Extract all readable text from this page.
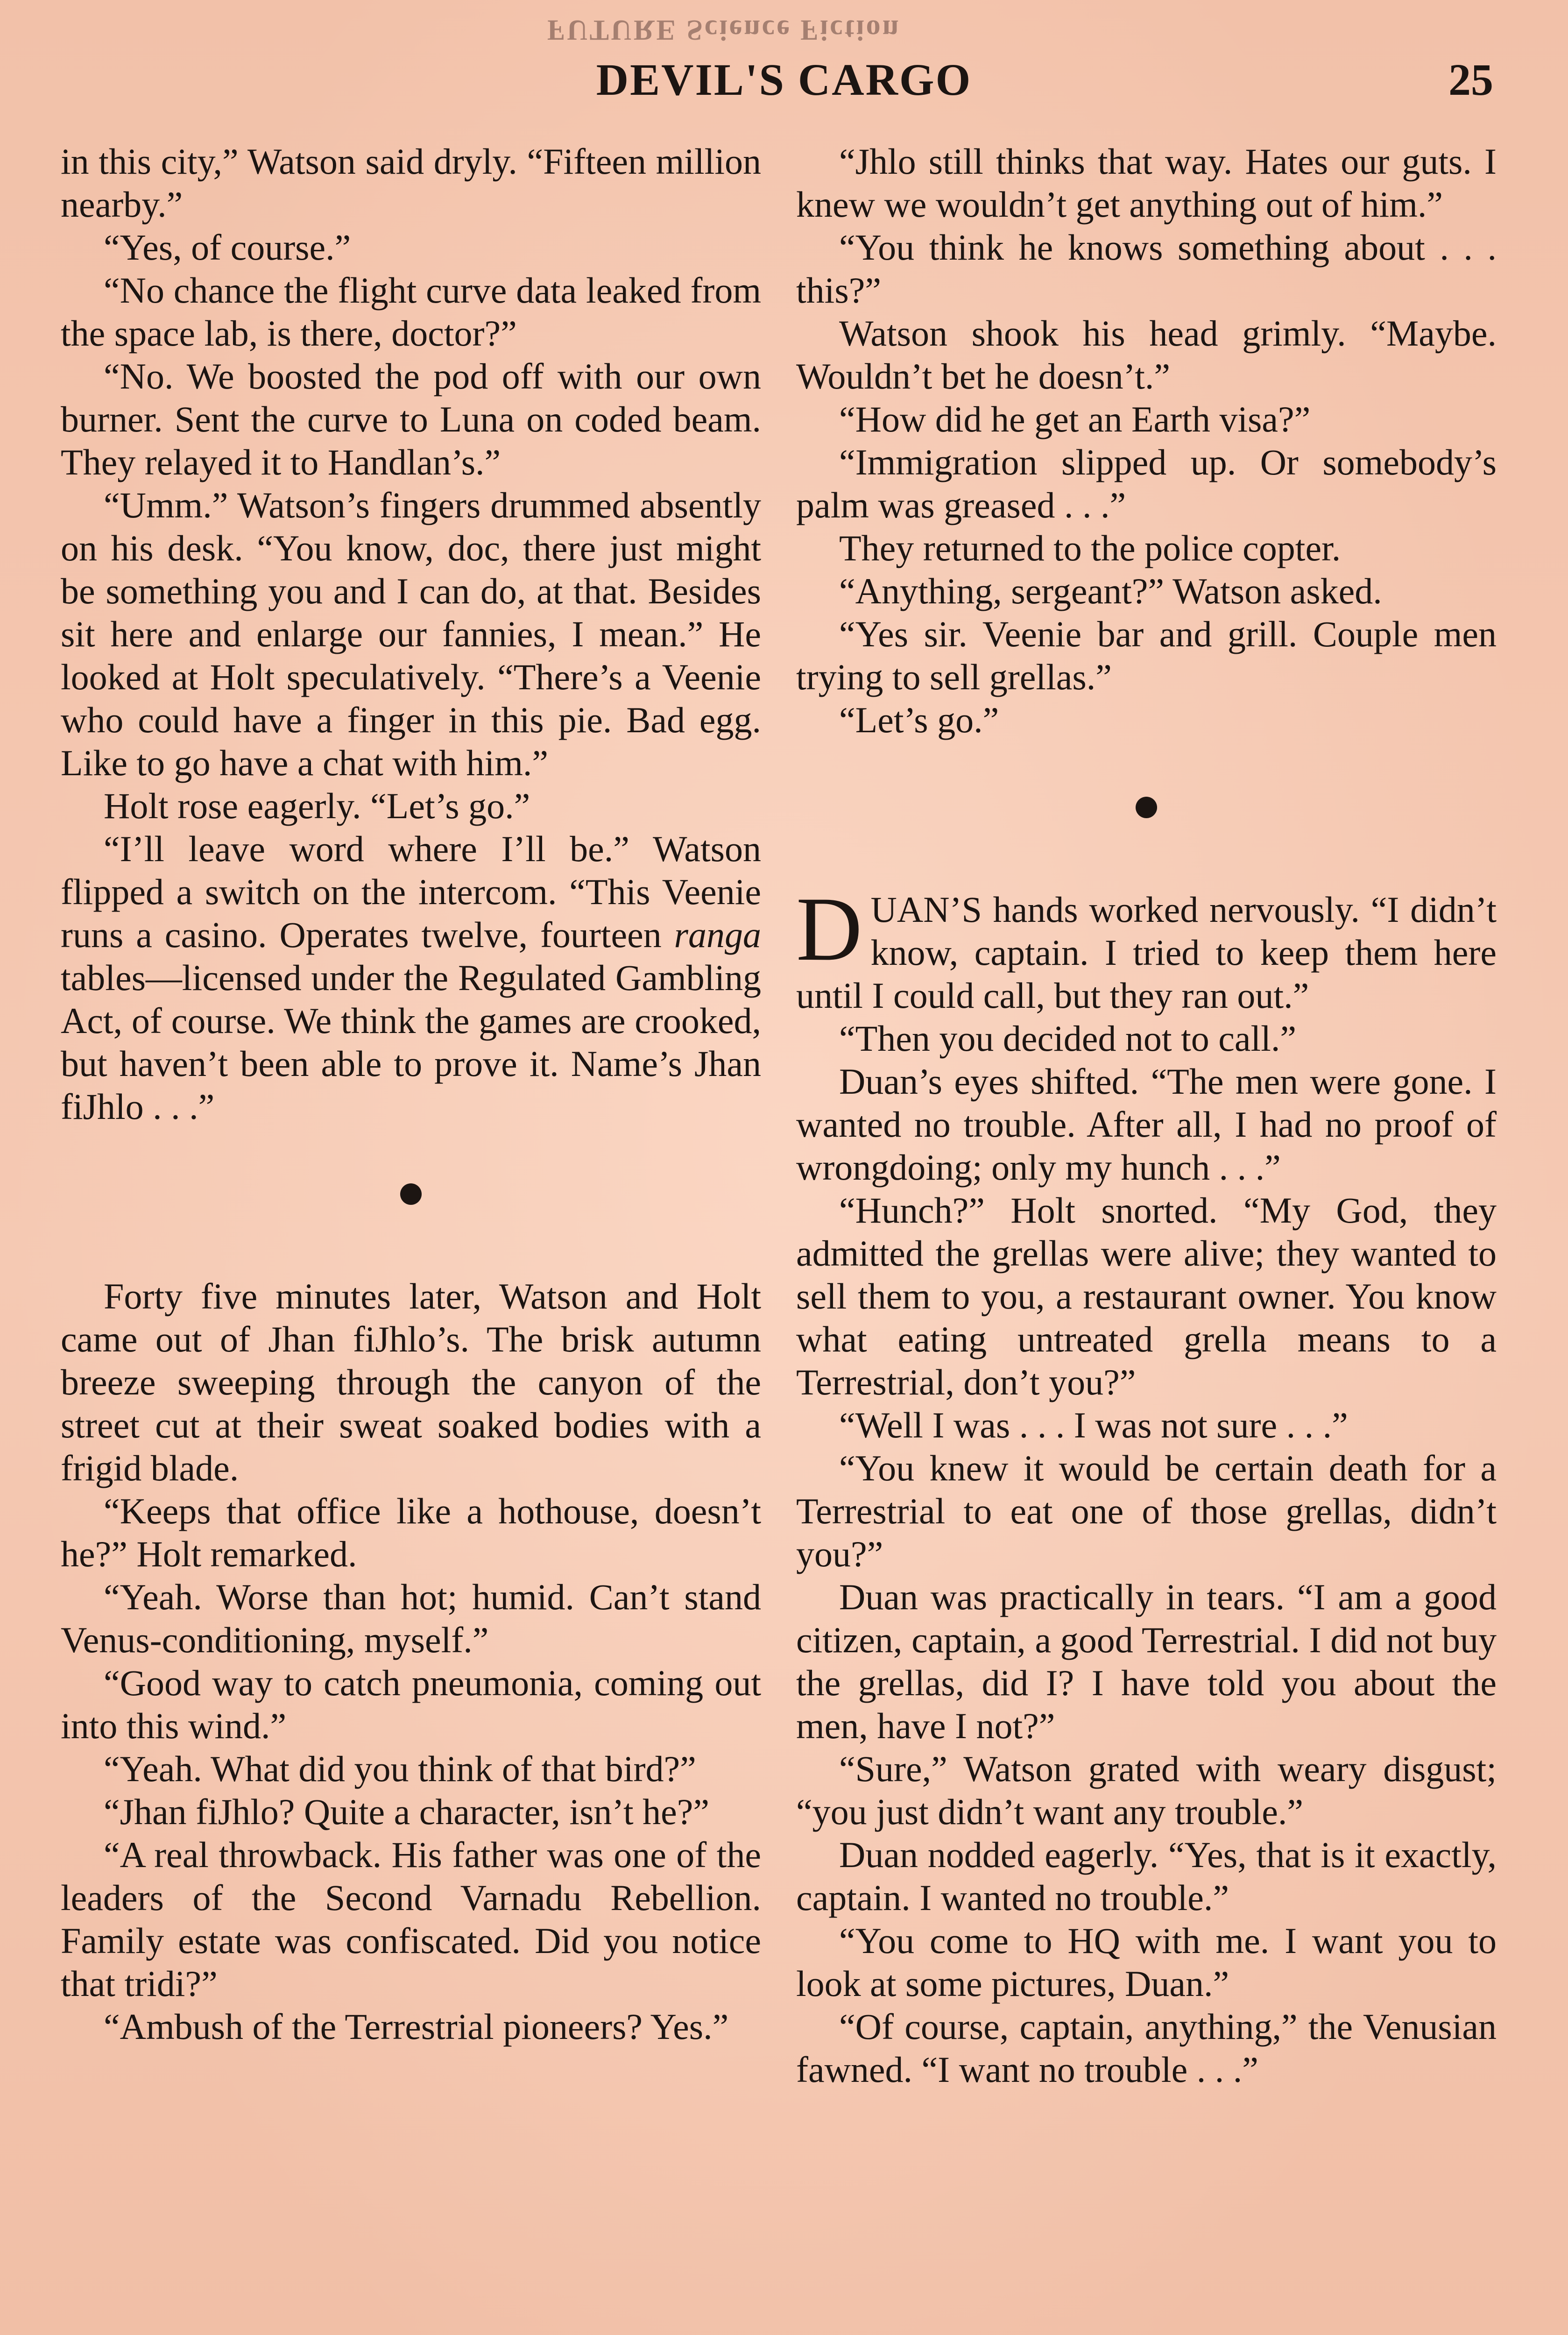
FUTURE Science Fiction
DEVIL'S CARGO	25

in this city,” Watson said dryly. “Fifteen million nearby.”

“Yes, of course.”

“No chance the flight curve data leaked from the space lab, is there, doctor?”

“No. We boosted the pod off with our own burner. Sent the curve to Luna on coded beam. They relayed it to Handlan’s.”

“Umm.” Watson’s fingers drummed absently on his desk. “You know, doc, there just might be something you and I can do, at that. Besides sit here and enlarge our fannies, I mean.” He looked at Holt speculatively. “There’s a Veenie who could have a finger in this pie. Bad egg. Like to go have a chat with him.”

Holt rose eagerly. “Let’s go.”

“I’ll leave word where I’ll be.” Watson flipped a switch on the intercom. “This Veenie runs a casino. Operates twelve, fourteen ranga tables—licensed under the Regulated Gambling Act, of course. We think the games are crooked, but haven’t been able to prove it. Name’s Jhan fiJhlo . . .”

Forty five minutes later, Watson and Holt came out of Jhan fiJhlo’s. The brisk autumn breeze sweeping through the canyon of the street cut at their sweat soaked bodies with a frigid blade.

“Keeps that office like a hothouse, doesn’t he?” Holt remarked.

“Yeah. Worse than hot; humid. Can’t stand Venus-conditioning, myself.”

“Good way to catch pneumonia, coming out into this wind.”

“Yeah. What did you think of that bird?”

“Jhan fiJhlo? Quite a character, isn’t he?”

“A real throwback. His father was one of the leaders of the Second Varnadu Rebellion. Family estate was confiscated. Did you notice that tridi?”

“Ambush of the Terrestrial pioneers? Yes.”

“Jhlo still thinks that way. Hates our guts. I knew we wouldn’t get anything out of him.”

“You think he knows something about . . . this?”

Watson shook his head grimly. “Maybe. Wouldn’t bet he doesn’t.”

“How did he get an Earth visa?”

“Immigration slipped up. Or somebody’s palm was greased . . .”

They returned to the police copter.

“Anything, sergeant?” Watson asked.

“Yes sir. Veenie bar and grill. Couple men trying to sell grellas.”

“Let’s go.”

DUAN’S hands worked nervously. “I didn’t know, captain. I tried to keep them here until I could call, but they ran out.”

“Then you decided not to call.”

Duan’s eyes shifted. “The men were gone. I wanted no trouble. After all, I had no proof of wrongdoing; only my hunch . . .”

“Hunch?” Holt snorted. “My God, they admitted the grellas were alive; they wanted to sell them to you, a restaurant owner. You know what eating untreated grella means to a Terrestrial, don’t you?”

“Well I was . . . I was not sure . . .”

“You knew it would be certain death for a Terrestrial to eat one of those grellas, didn’t you?”

Duan was practically in tears. “I am a good citizen, captain, a good Terrestrial. I did not buy the grellas, did I? I have told you about the men, have I not?”

“Sure,” Watson grated with weary disgust; “you just didn’t want any trouble.”

Duan nodded eagerly. “Yes, that is it exactly, captain. I wanted no trouble.”

“You come to HQ with me. I want you to look at some pictures, Duan.”

“Of course, captain, anything,” the Venusian fawned. “I want no trouble . . .”
